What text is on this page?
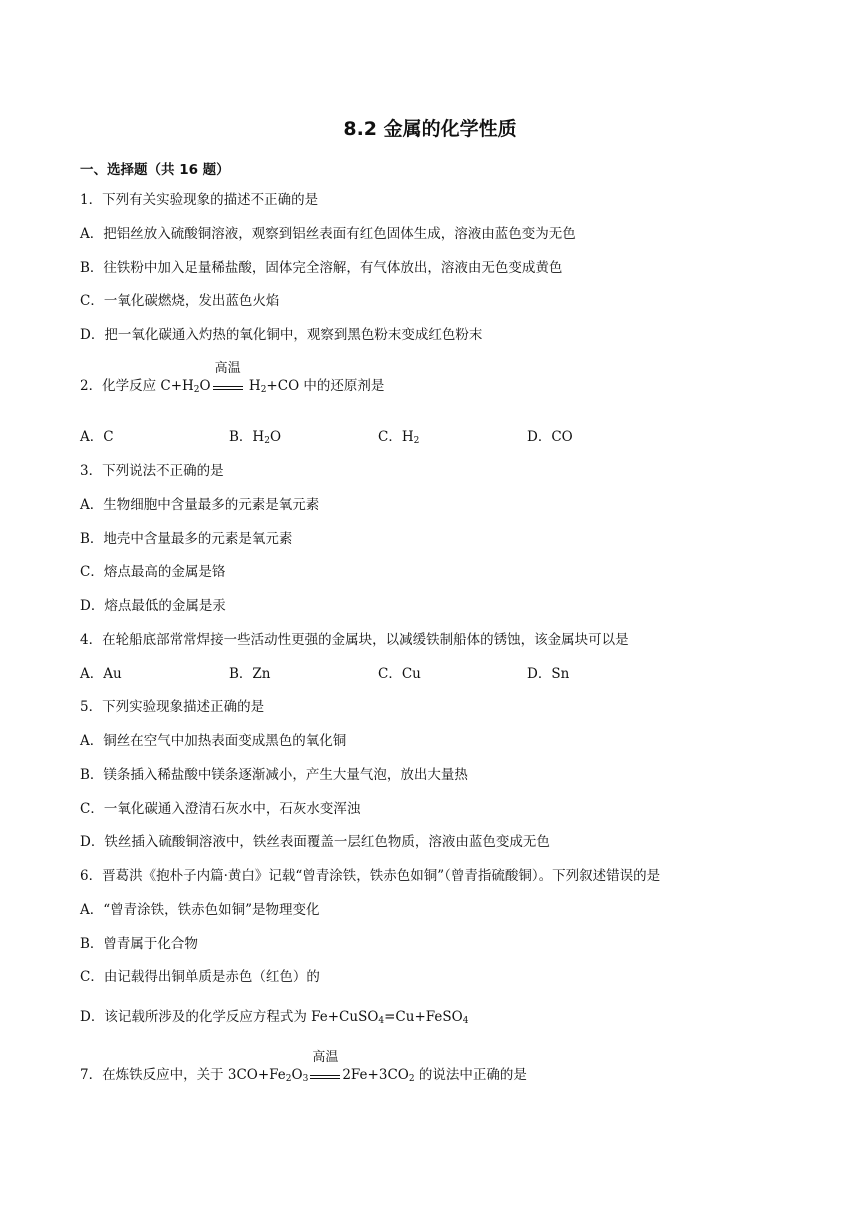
8.2 金属的化学性质
一、选择题（共 16 题）
1．下列有关实验现象的描述不正确的是
A．把铝丝放入硫酸铜溶液，观察到铝丝表面有红色固体生成，溶液由蓝色变为无色
B．往铁粉中加入足量稀盐酸，固体完全溶解，有气体放出，溶液由无色变成黄色
C．一氧化碳燃烧，发出蓝色火焰
D．把一氧化碳通入灼热的氧化铜中，观察到黑色粉末变成红色粉末
2．化学反应 $C+H_2O$
高温
$H_2+CO$ 中的还原剂是
A．C	B．$H_2O$	C．$H_2$	D．CO
3．下列说法不正确的是
A．生物细胞中含量最多的元素是氧元素
B．地壳中含量最多的元素是氧元素
C．熔点最高的金属是铬
D．熔点最低的金属是汞
4．在轮船底部常常焊接一些活动性更强的金属块，以减缓铁制船体的锈蚀，该金属块可以是
A．Au	B．Zn	C．Cu	D．Sn
5．下列实验现象描述正确的是
A．铜丝在空气中加热表面变成黑色的氧化铜
B．镁条插入稀盐酸中镁条逐渐减小，产生大量气泡，放出大量热
C．一氧化碳通入澄清石灰水中，石灰水变浑浊
D．铁丝插入硫酸铜溶液中，铁丝表面覆盖一层红色物质，溶液由蓝色变成无色
6．晋葛洪《抱朴子内篇·黄白》记载“曾青涂铁，铁赤色如铜”（曾青指硫酸铜）。下列叙述错误的是
A．“曾青涂铁，铁赤色如铜”是物理变化
B．曾青属于化合物
C．由记载得出铜单质是赤色（红色）的
D．该记载所涉及的化学反应方程式为 Fe+CuSO$_4$=Cu+FeSO$_4$
7．在炼铁反应中，关于 $3CO+Fe_2O_3$
高温
$2Fe+3CO_2$ 的说法中正确的是
